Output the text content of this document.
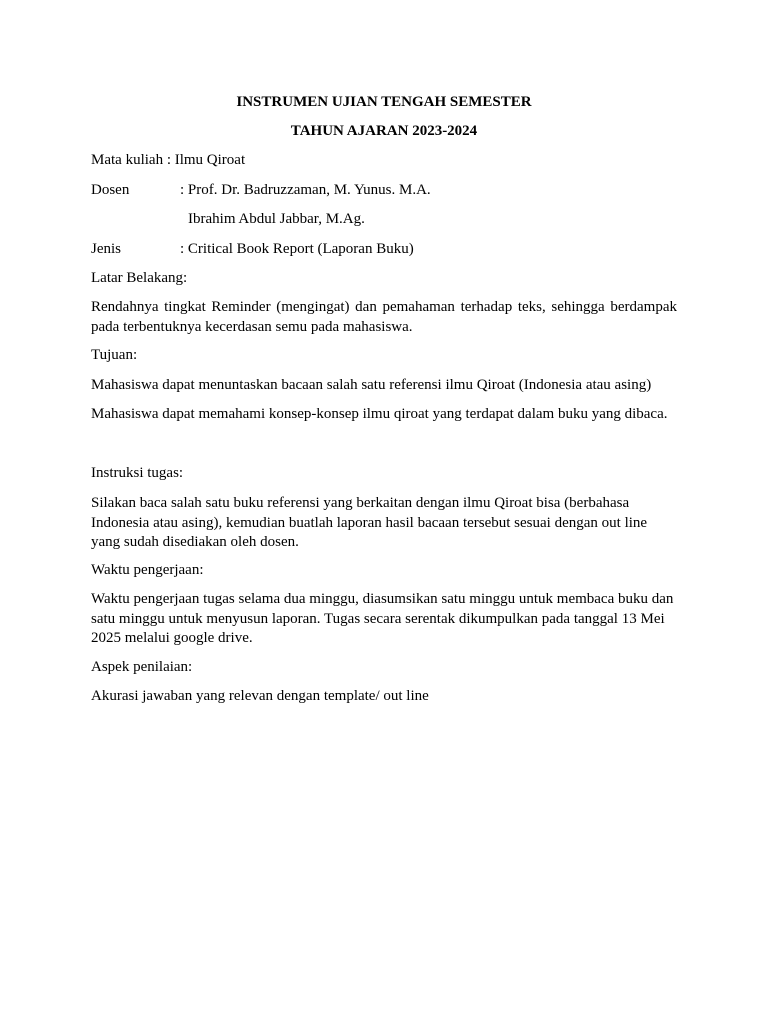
INSTRUMEN UJIAN TENGAH SEMESTER
TAHUN AJARAN 2023-2024
Mata kuliah : Ilmu Qiroat
Dosen	: Prof. Dr. Badruzzaman, M. Yunus. M.A.
Ibrahim Abdul Jabbar, M.Ag.
Jenis	: Critical Book Report (Laporan Buku)
Latar Belakang:
Rendahnya tingkat Reminder (mengingat) dan pemahaman terhadap teks, sehingga berdampak pada terbentuknya kecerdasan semu pada mahasiswa.
Tujuan:
Mahasiswa dapat menuntaskan bacaan salah satu referensi ilmu Qiroat (Indonesia atau asing)
Mahasiswa dapat memahami konsep-konsep ilmu qiroat yang terdapat dalam buku yang dibaca.
Instruksi tugas:
Silakan baca salah satu buku referensi yang berkaitan dengan ilmu Qiroat bisa (berbahasa Indonesia atau asing), kemudian buatlah laporan hasil bacaan tersebut sesuai dengan out line yang sudah disediakan oleh dosen.
Waktu pengerjaan:
Waktu pengerjaan tugas selama dua minggu, diasumsikan satu minggu untuk membaca buku dan satu minggu untuk menyusun laporan. Tugas secara serentak dikumpulkan pada tanggal 13 Mei 2025 melalui google drive.
Aspek penilaian:
Akurasi jawaban yang relevan dengan template/ out line
